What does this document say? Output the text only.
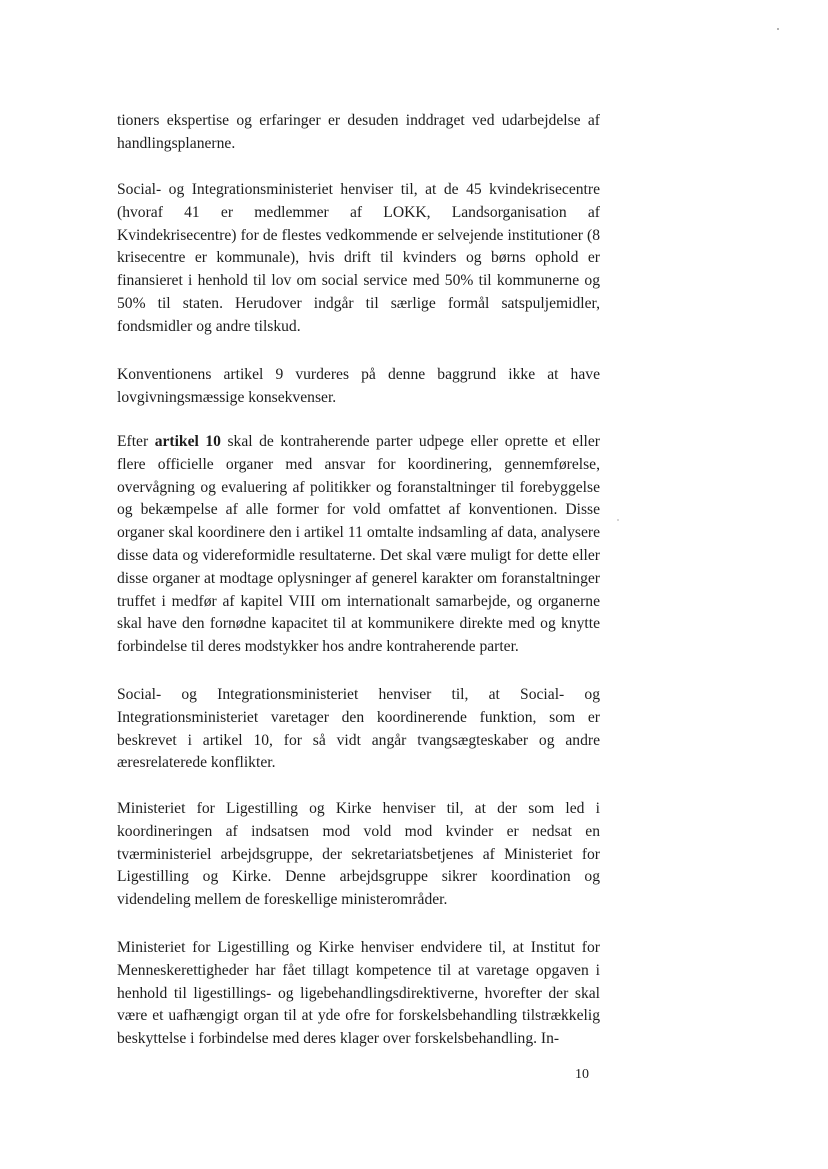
tioners ekspertise og erfaringer er desuden inddraget ved udarbejdelse af handlingsplanerne.

Social- og Integrationsministeriet henviser til, at de 45 kvindekrisecentre (hvoraf 41 er medlemmer af LOKK, Landsorganisation af Kvindekrisecentre) for de flestes vedkommende er selvejende institutioner (8 krisecentre er kommunale), hvis drift til kvinders og børns ophold er finansieret i henhold til lov om social service med 50% til kommunerne og 50% til staten. Herudover indgår til særlige formål satspuljemidler, fondsmidler og andre tilskud.

Konventionens artikel 9 vurderes på denne baggrund ikke at have lovgivningsmæssige konsekvenser.

Efter artikel 10 skal de kontraherende parter udpege eller oprette et eller flere officielle organer med ansvar for koordinering, gennemførelse, overvågning og evaluering af politikker og foranstaltninger til forebyggelse og bekæmpelse af alle former for vold omfattet af konventionen. Disse organer skal koordinere den i artikel 11 omtalte indsamling af data, analysere disse data og videreformidle resultaterne. Det skal være muligt for dette eller disse organer at modtage oplysninger af generel karakter om foranstaltninger truffet i medfør af kapitel VIII om internationalt samarbejde, og organerne skal have den fornødne kapacitet til at kommunikere direkte med og knytte forbindelse til deres modstykker hos andre kontraherende parter.

Social- og Integrationsministeriet henviser til, at Social- og Integrationsministeriet varetager den koordinerende funktion, som er beskrevet i artikel 10, for så vidt angår tvangsægteskaber og andre æresrelaterede konflikter.

Ministeriet for Ligestilling og Kirke henviser til, at der som led i koordineringen af indsatsen mod vold mod kvinder er nedsat en tværministeriel arbejdsgruppe, der sekretariatsbetjenes af Ministeriet for Ligestilling og Kirke. Denne arbejdsgruppe sikrer koordination og videndeling mellem de foreskellige ministerområder.

Ministeriet for Ligestilling og Kirke henviser endvidere til, at Institut for Menneskerettigheder har fået tillagt kompetence til at varetage opgaven i henhold til ligestillings- og ligebehandlingsdirektiverne, hvorefter der skal være et uafhængigt organ til at yde ofre for forskelsbehandling tilstrækkelig beskyttelse i forbindelse med deres klager over forskelsbehandling. In-

10
